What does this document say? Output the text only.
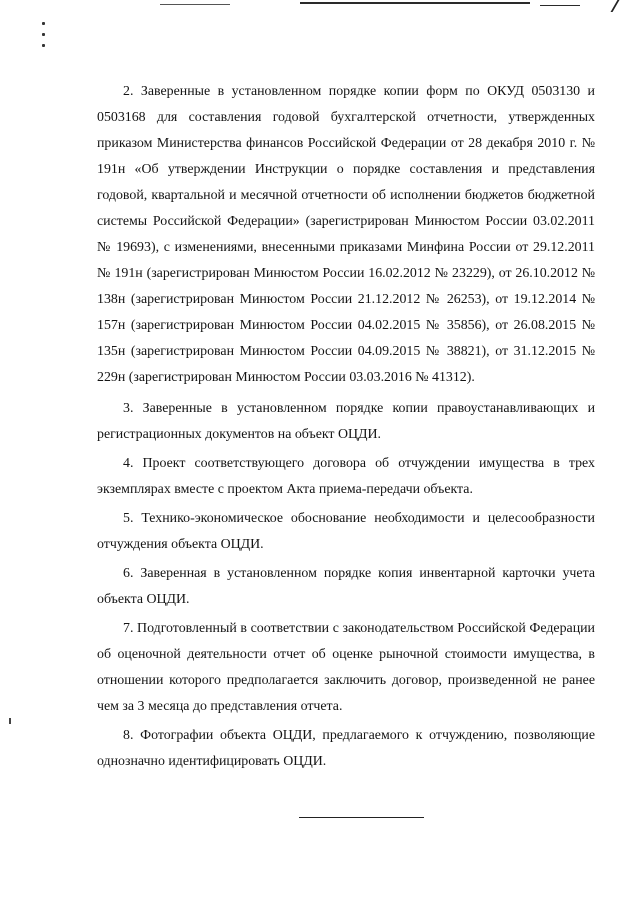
2. Заверенные в установленном порядке копии форм по ОКУД 0503130 и 0503168 для составления годовой бухгалтерской отчетности, утвержденных приказом Министерства финансов Российской Федерации от 28 декабря 2010 г. № 191н «Об утверждении Инструкции о порядке составления и представления годовой, квартальной и месячной отчетности об исполнении бюджетов бюджетной системы Российской Федерации» (зарегистрирован Минюстом России 03.02.2011 № 19693), с изменениями, внесенными приказами Минфина России от 29.12.2011 № 191н (зарегистрирован Минюстом России 16.02.2012 № 23229), от 26.10.2012 № 138н (зарегистрирован Минюстом России 21.12.2012 № 26253), от 19.12.2014 № 157н (зарегистрирован Минюстом России 04.02.2015 № 35856), от 26.08.2015 № 135н (зарегистрирован Минюстом России 04.09.2015 № 38821), от 31.12.2015 № 229н (зарегистрирован Минюстом России 03.03.2016 № 41312).

3. Заверенные в установленном порядке копии правоустанавливающих и регистрационных документов на объект ОЦДИ.

4. Проект соответствующего договора об отчуждении имущества в трех экземплярах вместе с проектом Акта приема-передачи объекта.

5. Технико-экономическое обоснование необходимости и целесообразности отчуждения объекта ОЦДИ.

6. Заверенная в установленном порядке копия инвентарной карточки учета объекта ОЦДИ.

7. Подготовленный в соответствии с законодательством Российской Федерации об оценочной деятельности отчет об оценке рыночной стоимости имущества, в отношении которого предполагается заключить договор, произведенной не ранее чем за 3 месяца до представления отчета.

8. Фотографии объекта ОЦДИ, предлагаемого к отчуждению, позволяющие однозначно идентифицировать ОЦДИ.
